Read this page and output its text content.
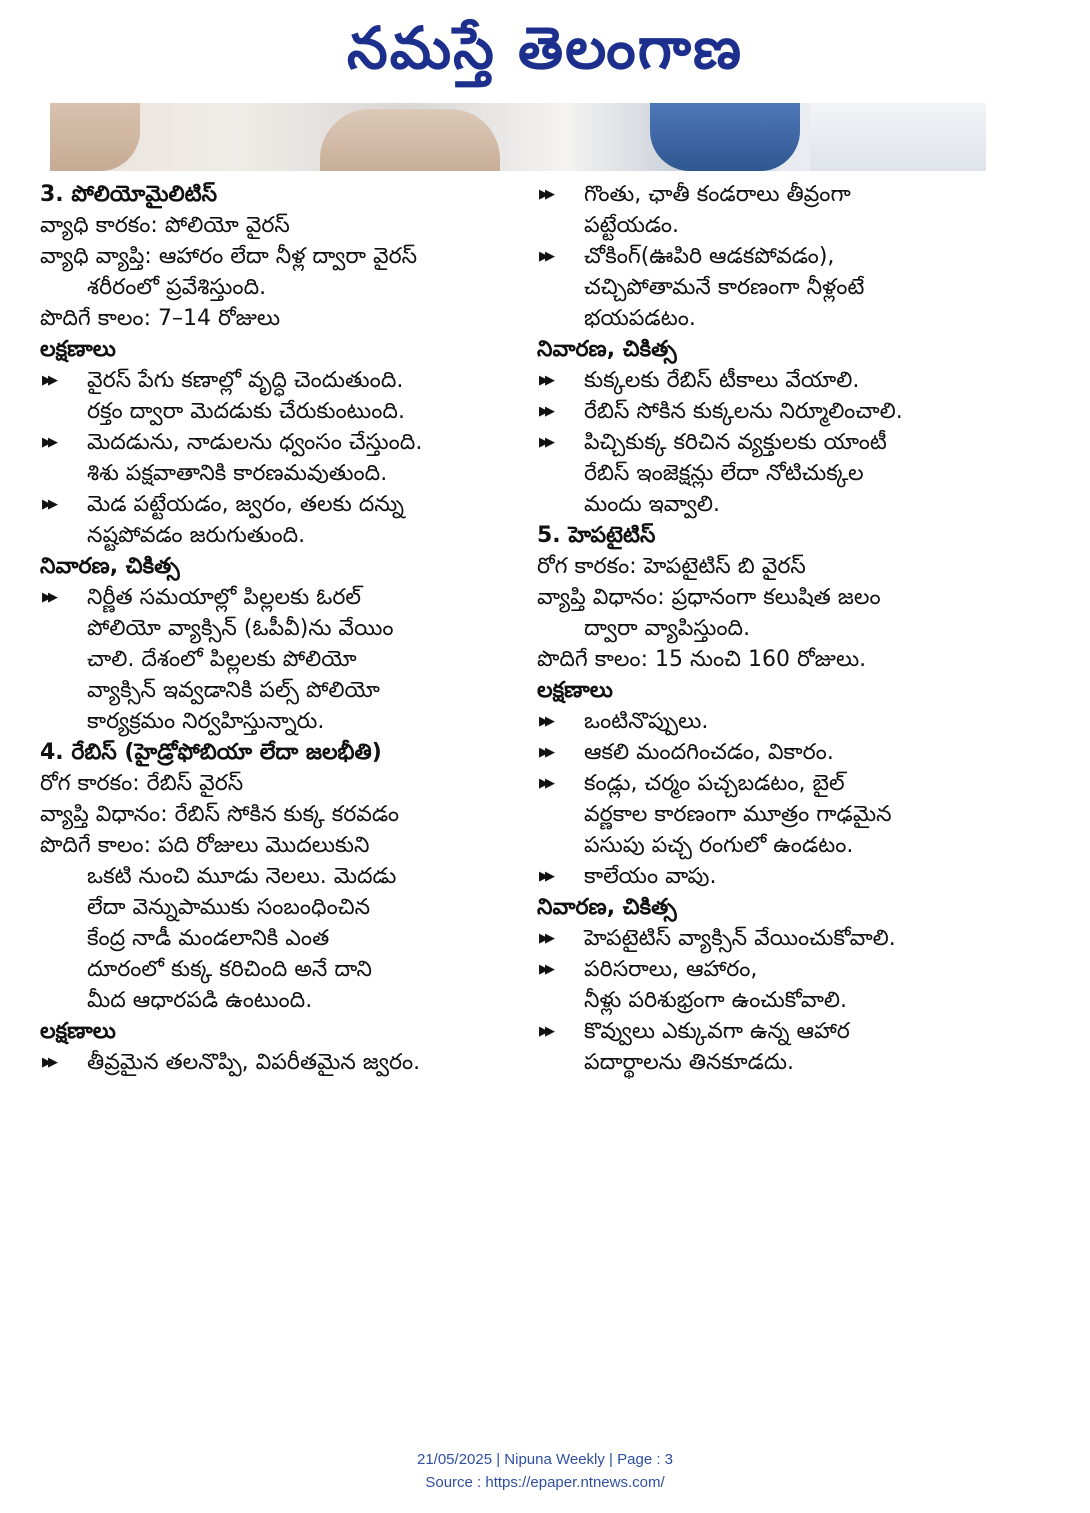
నమస్తే తెలంగాణ
3. పోలియోమైలిటిస్
వ్యాధి కారకం: పోలియో వైరస్
వ్యాధి వ్యాప్తి: ఆహారం లేదా నీళ్ల ద్వారా వైరస్
శరీరంలో ప్రవేశిస్తుంది.
పొదిగే కాలం: 7–14 రోజులు
లక్షణాలు
▶▶ వైరస్ పేగు కణాల్లో వృద్ధి చెందుతుంది.
రక్తం ద్వారా మెదడుకు చేరుకుంటుంది.
▶▶ మెదడును, నాడులను ధ్వంసం చేస్తుంది.
శిశు పక్షవాతానికి కారణమవుతుంది.
▶▶ మెడ పట్టేయడం, జ్వరం, తలకు దన్ను
నష్టపోవడం జరుగుతుంది.
నివారణ, చికిత్స
▶▶ నిర్ణీత సమయాల్లో పిల్లలకు ఓరల్
పోలియో వ్యాక్సిన్ (ఓపీవీ)ను వేయిం
చాలి. దేశంలో పిల్లలకు పోలియో
వ్యాక్సిన్ ఇవ్వడానికి పల్స్ పోలియో
కార్యక్రమం నిర్వహిస్తున్నారు.
4. రేబిస్ (హైడ్రోఫోబియా లేదా జలభీతి)
రోగ కారకం: రేబిస్ వైరస్
వ్యాప్తి విధానం: రేబిస్ సోకిన కుక్క కరవడం
పొదిగే కాలం: పది రోజులు మొదలుకుని
ఒకటి నుంచి మూడు నెలలు. మెదడు
లేదా వెన్నుపాముకు సంబంధించిన
కేంద్ర నాడీ మండలానికి ఎంత
దూరంలో కుక్క కరిచింది అనే దాని
మీద ఆధారపడి ఉంటుంది.
లక్షణాలు
▶▶ తీవ్రమైన తలనొప్పి, విపరీతమైన జ్వరం.
▶▶ గొంతు, ఛాతీ కండరాలు తీవ్రంగా
పట్టేయడం.
▶▶ చోకింగ్(ఊపిరి ఆడకపోవడం),
చచ్చిపోతామనే కారణంగా నీళ్లంటే
భయపడటం.
నివారణ, చికిత్స
▶▶ కుక్కలకు రేబిస్ టీకాలు వేయాలి.
▶▶ రేబిస్ సోకిన కుక్కలను నిర్మూలించాలి.
▶▶ పిచ్చికుక్క కరిచిన వ్యక్తులకు యాంటీ
రేబిస్ ఇంజెక్షన్లు లేదా నోటిచుక్కల
మందు ఇవ్వాలి.
5. హెపటైటిస్
రోగ కారకం: హెపటైటిస్ బి వైరస్
వ్యాప్తి విధానం: ప్రధానంగా కలుషిత జలం
ద్వారా వ్యాపిస్తుంది.
పొదిగే కాలం: 15 నుంచి 160 రోజులు.
లక్షణాలు
▶▶ ఒంటినొప్పులు.
▶▶ ఆకలి మందగించడం, వికారం.
▶▶ కండ్లు, చర్మం పచ్చబడటం, బైల్
వర్ణకాల కారణంగా మూత్రం గాఢమైన
పసుపు పచ్చ రంగులో ఉండటం.
▶▶ కాలేయం వాపు.
నివారణ, చికిత్స
▶▶ హెపటైటిస్ వ్యాక్సిన్ వేయించుకోవాలి.
▶▶ పరిసరాలు, ఆహారం,
నీళ్లు పరిశుభ్రంగా ఉంచుకోవాలి.
▶▶ కొవ్వులు ఎక్కువగా ఉన్న ఆహార
పదార్థాలను తినకూడదు.
21/05/2025 | Nipuna Weekly | Page : 3
Source : https://epaper.ntnews.com/
